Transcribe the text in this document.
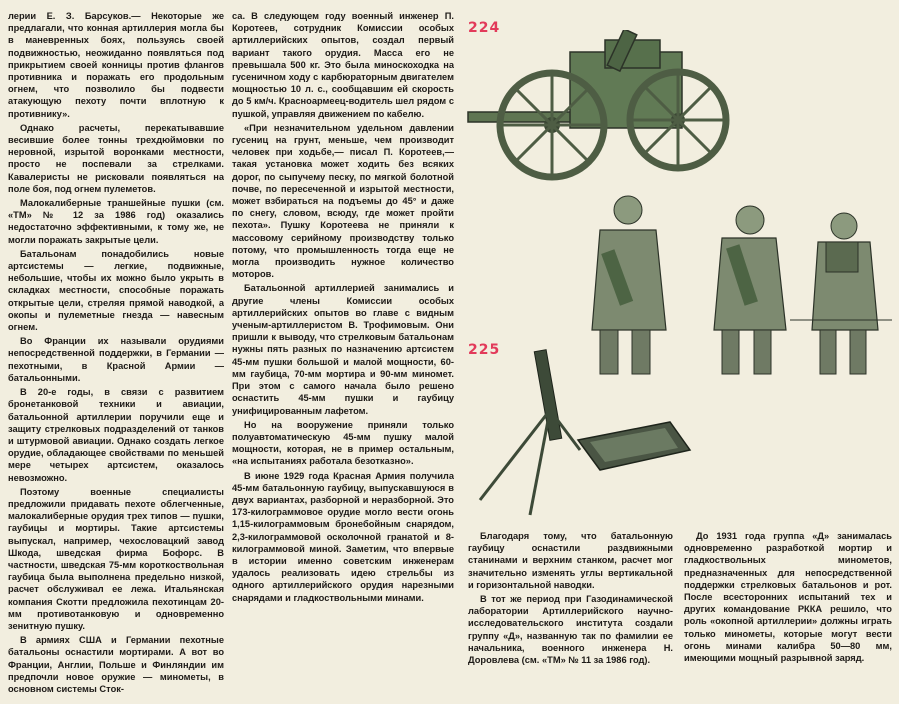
лерии Е. З. Барсуков.— Некоторые же предлагали, что конная артиллерия могла бы в маневренных боях, пользуясь своей подвижностью, неожиданно появляться под прикрытием своей конницы против флангов противника и поражать его продольным огнем, что позволило бы подвести атакующую пехоту почти вплотную к противнику».

Однако расчеты, перекатывавшие весившие более тонны трехдюймовки по неровной, изрытой воронками местности, просто не поспевали за стрелками. Кавалеристы не рисковали появляться на поле боя, под огнем пулеметов.

Малокалиберные траншейные пушки (см. «ТМ» № 12 за 1986 год) оказались недостаточно эффективными, к тому же, не могли поражать закрытые цели.

Батальонам понадобились новые артсистемы — легкие, подвижные, небольшие, чтобы их можно было укрыть в складках местности, способные поражать открытые цели, стреляя прямой наводкой, а окопы и пулеметные гнезда — навесным огнем.

Во Франции их называли орудиями непосредственной поддержки, в Германии — пехотными, в Красной Армии — батальонными.

В 20-е годы, в связи с развитием бронетанковой техники и авиации, батальонной артиллерии поручили еще и защиту стрелковых подразделений от танков и штурмовой авиации. Однако создать легкое орудие, обладающее свойствами по меньшей мере четырех артсистем, оказалось невозможно.

Поэтому военные специалисты предложили придавать пехоте облегченные, малокалиберные орудия трех типов — пушки, гаубицы и мортиры. Такие артсистемы выпускал, например, чехословацкий завод Шкода, шведская фирма Бофорс. В частности, шведская 75-мм короткоствольная гаубица была выполнена предельно низкой, расчет обслуживал ее лежа. Итальянская компания Скотти предложила пехотинцам 20-мм противотанковую и одновременно зенитную пушку.

В армиях США и Германии пехотные батальоны оснастили мортирами. А вот во Франции, Англии, Польше и Финляндии им предпочли новое оружие — минометы, в основном системы Сток-

са. В следующем году военный инженер П. Коротеев, сотрудник Комиссии особых артиллерийских опытов, создал первый вариант такого орудия. Масса его не превышала 500 кг. Это была миноскоходка на гусеничном ходу с карбюраторным двигателем мощностью 10 л. с., сообщавшим ей скорость до 5 км/ч. Красноармеец-водитель шел рядом с пушкой, управляя движением по кабелю.

«При незначительном удельном давлении гусениц на грунт, меньше, чем производит человек при ходьбе,— писал П. Коротеев,— такая установка может ходить без всяких дорог, по сыпучему песку, по мягкой болотной почве, по пересеченной и изрытой местности, может взбираться на подъемы до 45° и даже по снегу, словом, всюду, где может пройти пехота». Пушку Коротеева не приняли к массовому серийному производству только потому, что промышленность тогда еще не могла производить нужное количество моторов.

Батальонной артиллерией занимались и другие члены Комиссии особых артиллерийских опытов во главе с видным ученым-артиллеристом В. Трофимовым. Они пришли к выводу, что стрелковым батальонам нужны пять разных по назначению артсистем 45-мм пушки большой и малой мощности, 60-мм гаубица, 70-мм мортира и 90-мм миномет. При этом с самого начала было решено оснастить 45-мм пушки и гаубицу унифицированным лафетом.

Но на вооружение приняли только полуавтоматическую 45-мм пушку малой мощности, которая, не в пример остальным, «на испытаниях работала безотказно».

В июне 1929 года Красная Армия получила 45-мм батальонную гаубицу, выпускавшуюся в двух вариантах, разборной и неразборной. Это 173-килограммовое орудие могло вести огонь 1,15-килограммовым бронебойным снарядом, 2,3-килограммовой осколочной гранатой и 8-килограммовой миной. Заметим, что впервые в истории именно советским инженерам удалось реализовать идею стрельбы из одного артиллерийского орудия нарезными снарядами и гладкоствольными минами.

224
225

Благодаря тому, что батальонную гаубицу оснастили раздвижными станинами и верхним станком, расчет мог значительно изменять углы вертикальной и горизонтальной наводки.

В тот же период при Газодинамической лаборатории Артиллерийского научно-исследовательского института создали группу «Д», названную так по фамилии ее начальника, военного инженера Н. Доровлева (см. «ТМ» № 11 за 1986 год).

До 1931 года группа «Д» занималась одновременно разработкой мортир и гладкоствольных минометов, предназначенных для непосредственной поддержки стрелковых батальонов и рот. После всесторонних испытаний тех и других командование РККА решило, что роль «окопной артиллерии» должны играть только минометы, которые могут вести огонь минами калибра 50—80 мм, имеющими мощный разрывной заряд.
